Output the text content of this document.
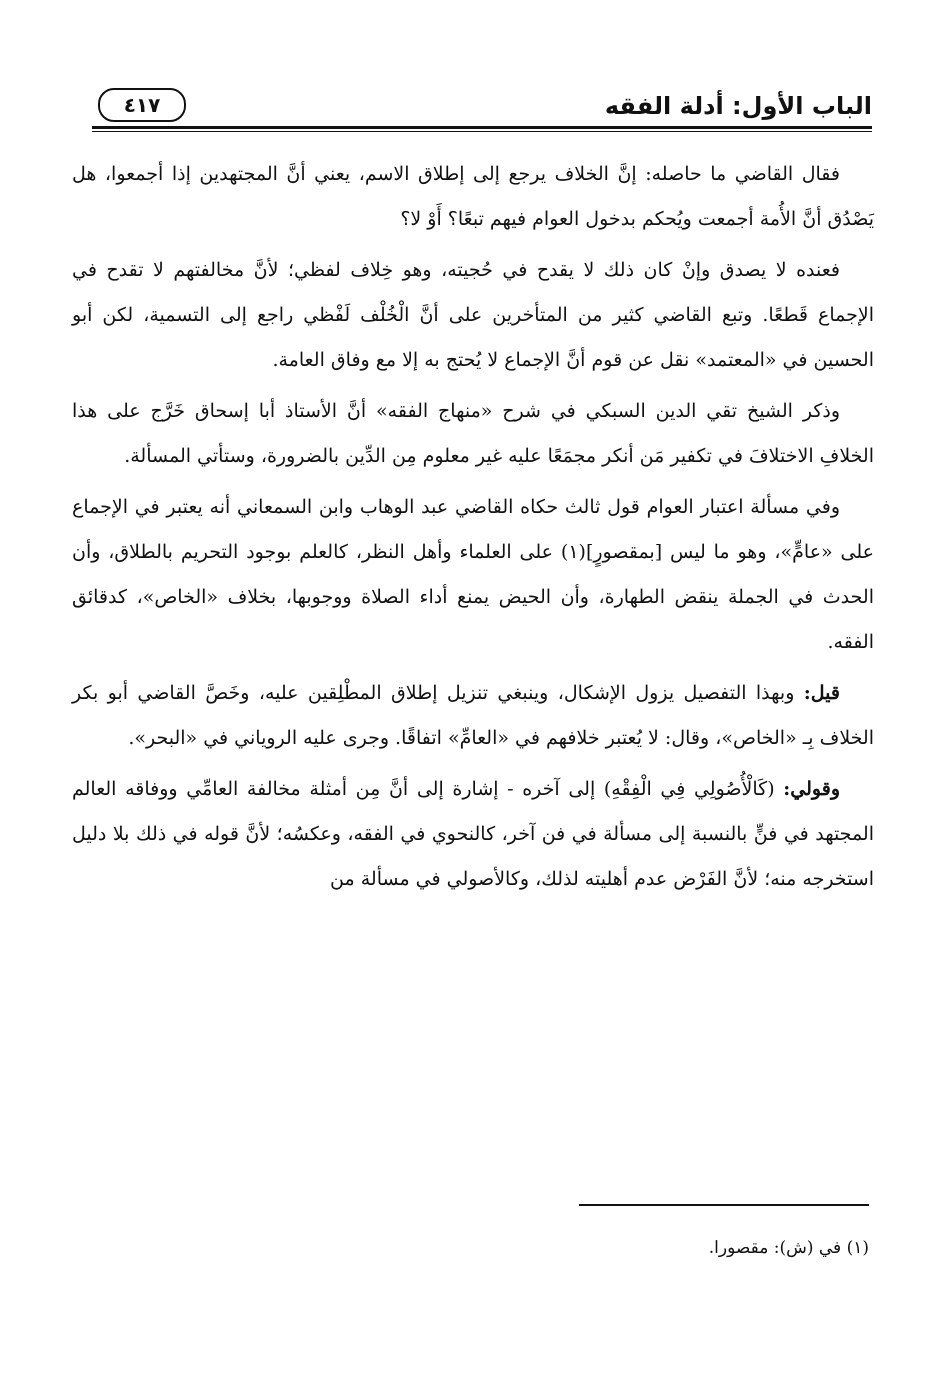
الباب الأول: أدلة الفقه
٤١٧

فقال القاضي ما حاصله: إنَّ الخلاف يرجع إلى إطلاق الاسم، يعني أنَّ المجتهدين إذا أجمعوا، هل يَصْدُق أنَّ الأُمة أجمعت ويُحكم بدخول العوام فيهم تبعًا؟ أَوْ لا؟

فعنده لا يصدق وإنْ كان ذلك لا يقدح في حُجيته، وهو خِلاف لفظي؛ لأنَّ مخالفتهم لا تقدح في الإجماع قَطعًا. وتبع القاضي كثير من المتأخرين على أنَّ الْخُلْف لَفْظي راجع إلى التسمية، لكن أبو الحسين في «المعتمد» نقل عن قوم أنَّ الإجماع لا يُحتج به إلا مع وفاق العامة.

وذكر الشيخ تقي الدين السبكي في شرح «منهاج الفقه» أنَّ الأستاذ أبا إسحاق خَرَّج على هذا الخلافِ الاختلافَ في تكفير مَن أنكر مجمَعًا عليه غير معلوم مِن الدِّين بالضرورة، وستأتي المسألة.

وفي مسألة اعتبار العوام قول ثالث حكاه القاضي عبد الوهاب وابن السمعاني أنه يعتبر في الإجماع على «عامٍّ»، وهو ما ليس [بمقصورٍ](١) على العلماء وأهل النظر، كالعلم بوجود التحريم بالطلاق، وأن الحدث في الجملة ينقض الطهارة، وأن الحيض يمنع أداء الصلاة ووجوبها، بخلاف «الخاص»، كدقائق الفقه.

قيل: وبهذا التفصيل يزول الإشكال، وينبغي تنزيل إطلاق المطْلِقين عليه، وخَصَّ القاضي أبو بكر الخلاف بِـ «الخاص»، وقال: لا يُعتبر خلافهم في «العامِّ» اتفاقًا. وجرى عليه الروياني في «البحر».

وقولي: (كَالْأُصُولِي فِي الْفِقْهِ) إلى آخره - إشارة إلى أنَّ مِن أمثلة مخالفة العامِّي ووفاقه العالم المجتهد في فنٍّ بالنسبة إلى مسألة في فن آخر، كالنحوي في الفقه، وعكسُه؛ لأنَّ قوله في ذلك بلا دليل استخرجه منه؛ لأنَّ الفَرْض عدم أهليته لذلك، وكالأصولي في مسألة من

(١) في (ش): مقصورا.
